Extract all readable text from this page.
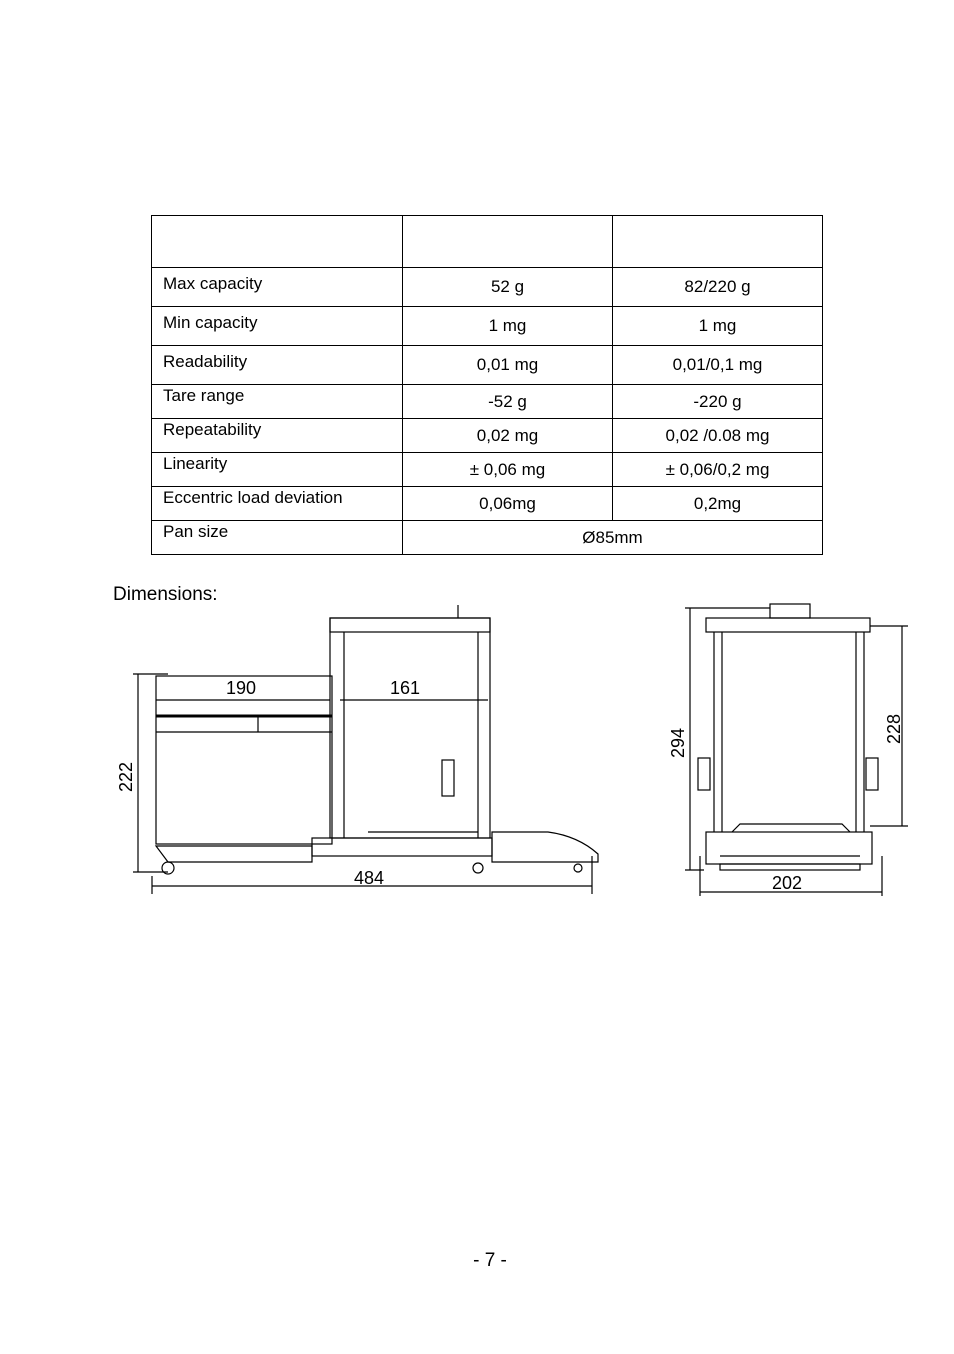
Max capacity	52 g	82/220 g
Min capacity	1 mg	1 mg
Readability	0,01 mg	0,01/0,1 mg
Tare range	-52 g	-220 g
Repeatability	0,02 mg	0,02 /0.08 mg
Linearity	± 0,06 mg	± 0,06/0,2 mg
Eccentric load deviation	0,06mg	0,2mg
Pan size	Ø85mm	
Dimensions:
190	161
222
484
294	228
202
- 7 -
